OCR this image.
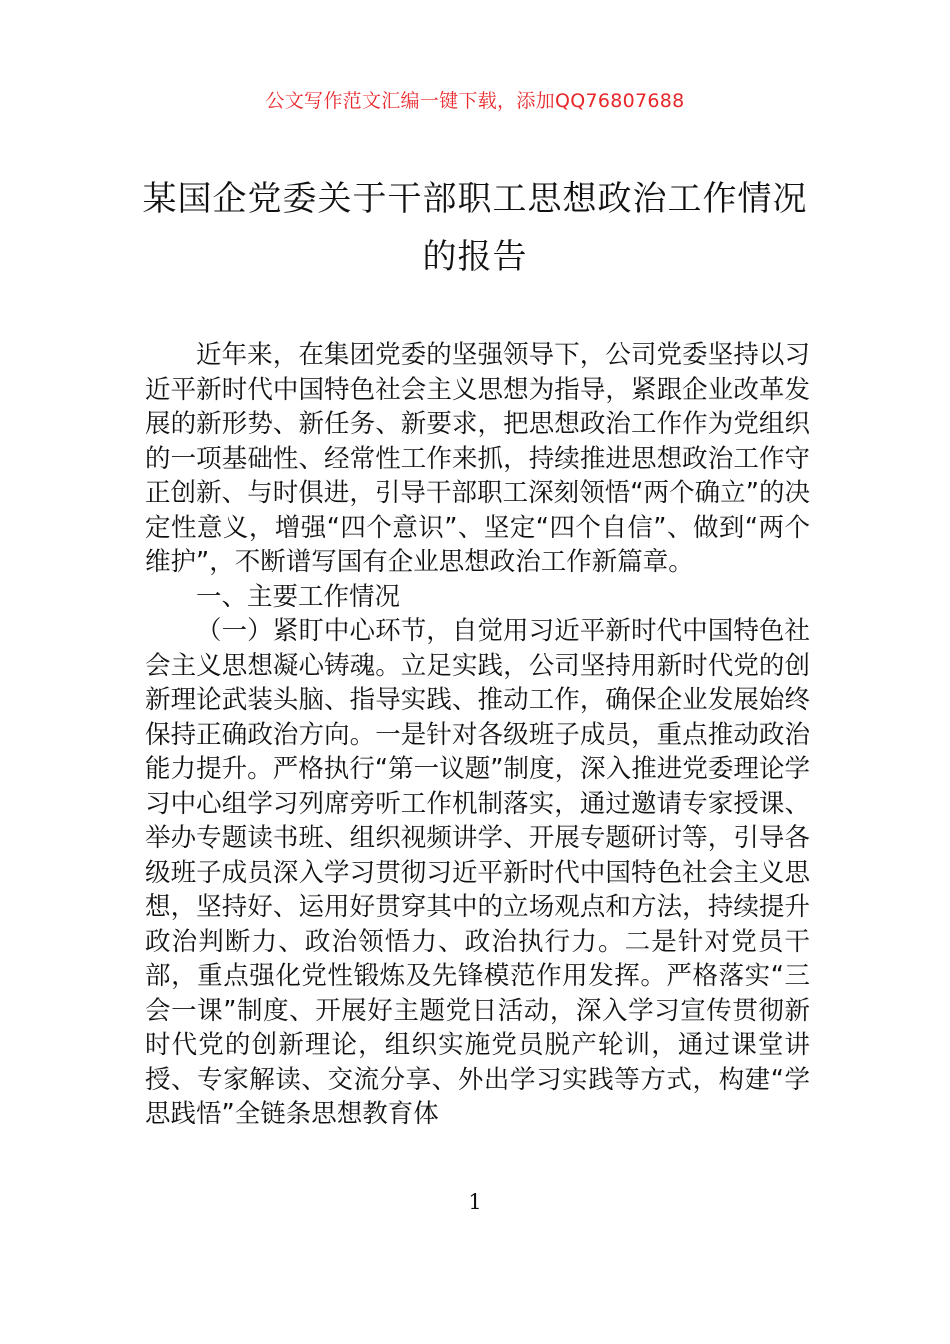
公文写作范文汇编一键下载，添加QQ76807688
某国企党委关于干部职工思想政治工作情况的报告

近年来，在集团党委的坚强领导下，公司党委坚持以习近平新时代中国特色社会主义思想为指导，紧跟企业改革发展的新形势、新任务、新要求，把思想政治工作作为党组织的一项基础性、经常性工作来抓，持续推进思想政治工作守正创新、与时俱进，引导干部职工深刻领悟“两个确立”的决定性意义，增强“四个意识”、坚定“四个自信”、做到“两个维护”，不断谱写国有企业思想政治工作新篇章。

一、主要工作情况

（一）紧盯中心环节，自觉用习近平新时代中国特色社会主义思想凝心铸魂。立足实践，公司坚持用新时代党的创新理论武装头脑、指导实践、推动工作，确保企业发展始终保持正确政治方向。一是针对各级班子成员，重点推动政治能力提升。严格执行“第一议题”制度，深入推进党委理论学习中心组学习列席旁听工作机制落实，通过邀请专家授课、举办专题读书班、组织视频讲学、开展专题研讨等，引导各级班子成员深入学习贯彻习近平新时代中国特色社会主义思想，坚持好、运用好贯穿其中的立场观点和方法，持续提升政治判断力、政治领悟力、政治执行力。二是针对党员干部，重点强化党性锻炼及先锋模范作用发挥。严格落实“三会一课”制度、开展好主题党日活动，深入学习宣传贯彻新时代党的创新理论，组织实施党员脱产轮训，通过课堂讲授、专家解读、交流分享、外出学习实践等方式，构建“学思践悟”全链条思想教育体

1
